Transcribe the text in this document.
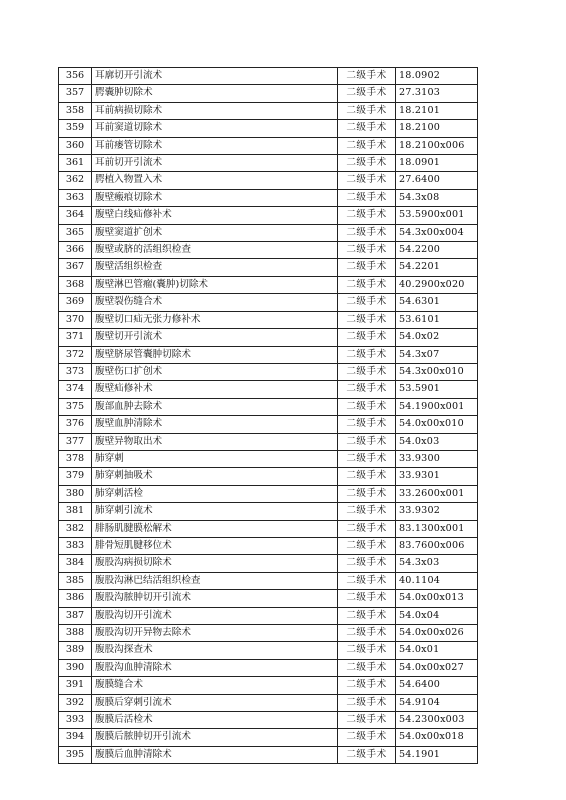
356	耳廓切开引流术	二级手术	18.0902
357	腭囊肿切除术	二级手术	27.3103
358	耳前病损切除术	二级手术	18.2101
359	耳前窦道切除术	二级手术	18.2100
360	耳前瘘管切除术	二级手术	18.2100x006
361	耳前切开引流术	二级手术	18.0901
362	腭植入物置入术	二级手术	27.6400
363	腹壁瘢痕切除术	二级手术	54.3x08
364	腹壁白线疝修补术	二级手术	53.5900x001
365	腹壁窦道扩创术	二级手术	54.3x00x004
366	腹壁或脐的活组织检查	二级手术	54.2200
367	腹壁活组织检查	二级手术	54.2201
368	腹壁淋巴管瘤(囊肿)切除术	二级手术	40.2900x020
369	腹壁裂伤缝合术	二级手术	54.6301
370	腹壁切口疝无张力修补术	二级手术	53.6101
371	腹壁切开引流术	二级手术	54.0x02
372	腹壁脐尿管囊肿切除术	二级手术	54.3x07
373	腹壁伤口扩创术	二级手术	54.3x00x010
374	腹壁疝修补术	二级手术	53.5901
375	腹部血肿去除术	二级手术	54.1900x001
376	腹壁血肿清除术	二级手术	54.0x00x010
377	腹壁异物取出术	二级手术	54.0x03
378	肺穿刺	二级手术	33.9300
379	肺穿刺抽吸术	二级手术	33.9301
380	肺穿刺活检	二级手术	33.2600x001
381	肺穿刺引流术	二级手术	33.9302
382	腓肠肌腱膜松解术	二级手术	83.1300x001
383	腓骨短肌腱移位术	二级手术	83.7600x006
384	腹股沟病损切除术	二级手术	54.3x03
385	腹股沟淋巴结活组织检查	二级手术	40.1104
386	腹股沟脓肿切开引流术	二级手术	54.0x00x013
387	腹股沟切开引流术	二级手术	54.0x04
388	腹股沟切开异物去除术	二级手术	54.0x00x026
389	腹股沟探查术	二级手术	54.0x01
390	腹股沟血肿清除术	二级手术	54.0x00x027
391	腹膜缝合术	二级手术	54.6400
392	腹膜后穿刺引流术	二级手术	54.9104
393	腹膜后活检术	二级手术	54.2300x003
394	腹膜后脓肿切开引流术	二级手术	54.0x00x018
395	腹膜后血肿清除术	二级手术	54.1901
